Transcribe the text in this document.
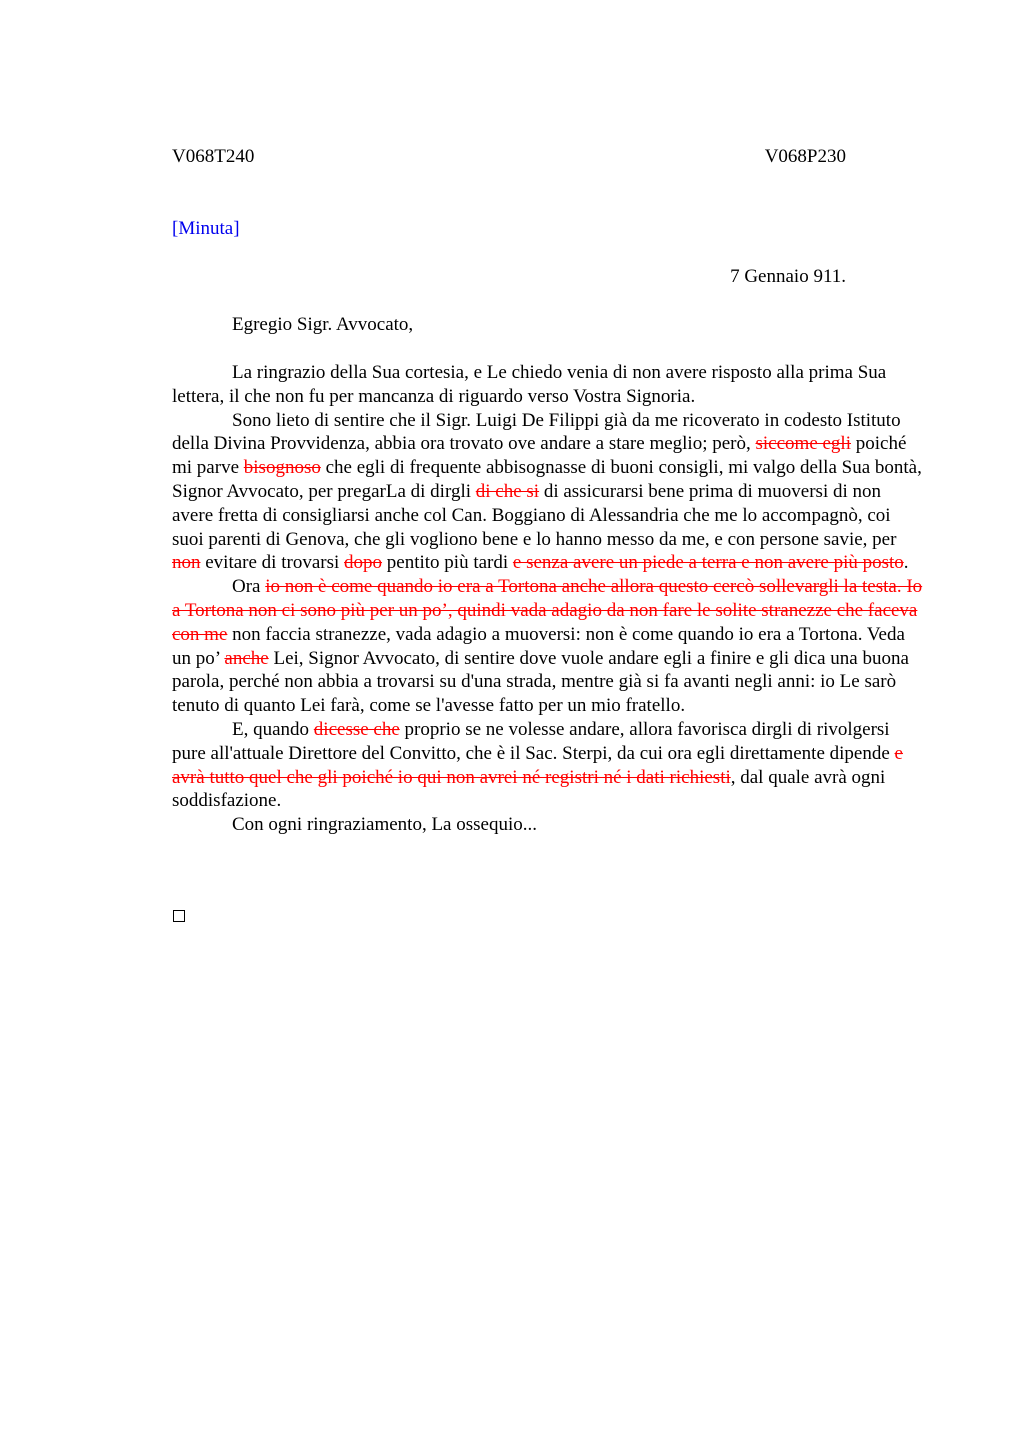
V068T240	V068P230
[Minuta]
7 Gennaio 911.
Egregio Sigr. Avvocato,

La ringrazio della Sua cortesia, e Le chiedo venia di non avere risposto alla prima Sua lettera, il che non fu per mancanza di riguardo verso Vostra Signoria.

Sono lieto di sentire che il Sigr. Luigi De Filippi già da me ricoverato in codesto Istituto della Divina Provvidenza, abbia ora trovato ove andare a stare meglio; però, siccome egli poiché mi parve bisognoso che egli di frequente abbisognasse di buoni consigli, mi valgo della Sua bontà, Signor Avvocato, per pregarLa di dirgli di che si di assicurarsi bene prima di muoversi di non avere fretta di consigliarsi anche col Can. Boggiano di Alessandria che me lo accompagnò, coi suoi parenti di Genova, che gli vogliono bene e lo hanno messo da me, e con persone savie, per non evitare di trovarsi dopo pentito più tardi e senza avere un piede a terra e non avere più posto.

Ora io non è come quando io era a Tortona anche allora questo cercò sollevargli la testa. Io a Tortona non ci sono più per un po’, quindi vada adagio da non fare le solite stranezze che faceva con me non faccia stranezze, vada adagio a muoversi: non è come quando io era a Tortona. Veda un po’ anche Lei, Signor Avvocato, di sentire dove vuole andare egli a finire e gli dica una buona parola, perché non abbia a trovarsi su d'una strada, mentre già si fa avanti negli anni: io Le sarò tenuto di quanto Lei farà, come se l'avesse fatto per un mio fratello.

E, quando dicesse che proprio se ne volesse andare, allora favorisca dirgli di rivolgersi pure all'attuale Direttore del Convitto, che è il Sac. Sterpi, da cui ora egli direttamente dipende e avrà tutto quel che gli poiché io qui non avrei né registri né i dati richiesti, dal quale avrà ogni soddisfazione.

Con ogni ringraziamento, La ossequio...
